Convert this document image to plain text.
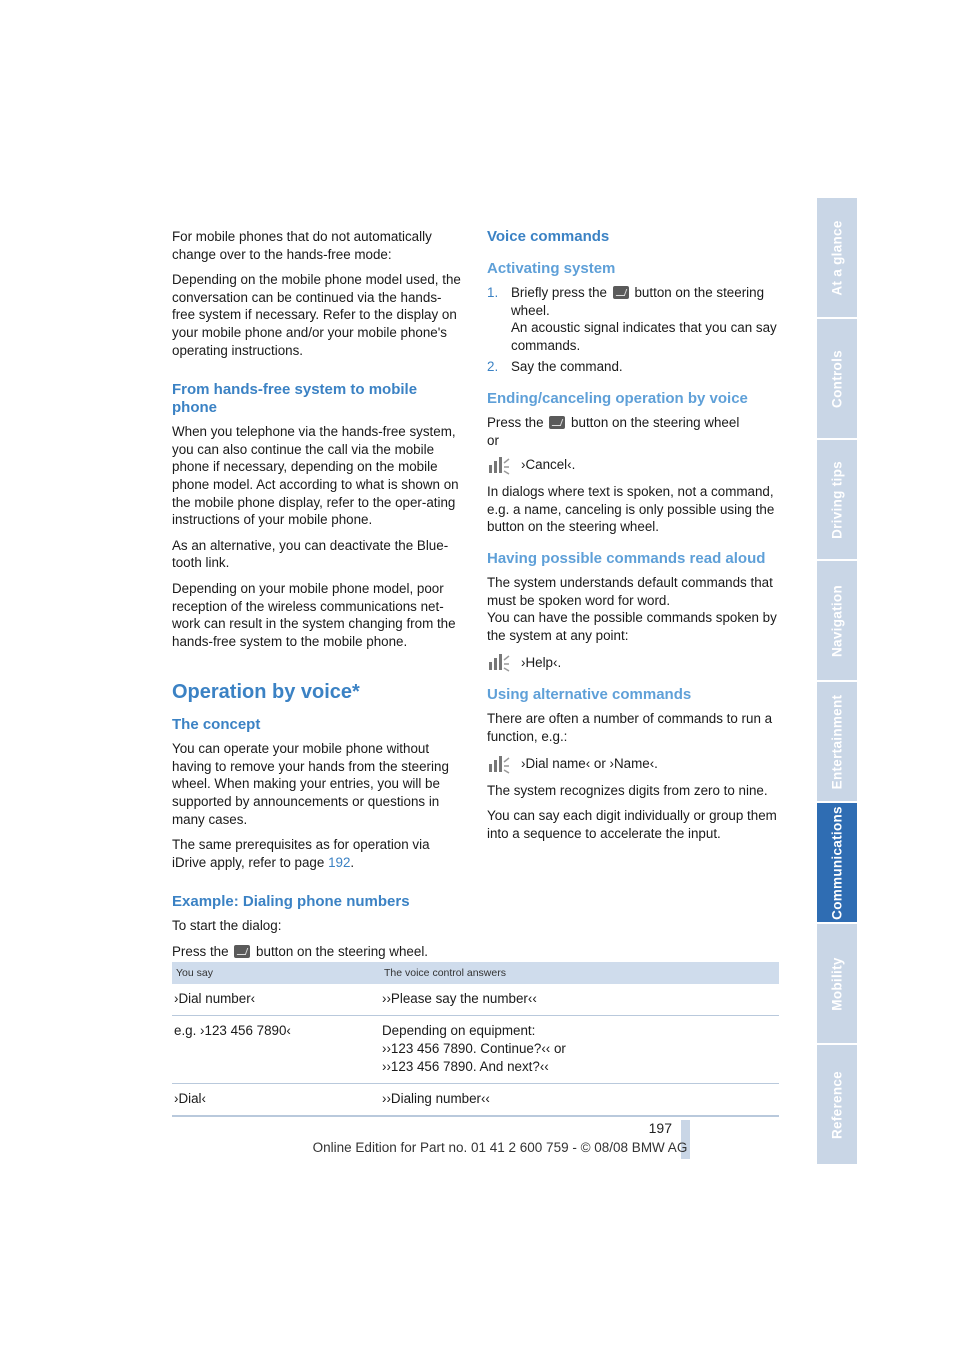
For mobile phones that do not automatically change over to the hands-free mode:

Depending on the mobile phone model used, the conversation can be continued via the hands-free system if necessary. Refer to the display on your mobile phone and/or your mobile phone's operating instructions.

From hands-free system to mobile phone

When you telephone via the hands-free system, you can also continue the call via the mobile phone if necessary, depending on the mobile phone model. Act according to what is shown on the mobile phone display, refer to the oper-ating instructions of your mobile phone.

As an alternative, you can deactivate the Blue-tooth link.

Depending on your mobile phone model, poor reception of the wireless communications net-work can result in the system changing from the hands-free system to the mobile phone.

Operation by voice*
The concept

You can operate your mobile phone without having to remove your hands from the steering wheel. When making your entries, you will be supported by announcements or questions in many cases.

The same prerequisites as for operation via iDrive apply, refer to page 192.

Example: Dialing phone numbers

To start the dialog:

Press the button on the steering wheel.

Voice commands
Activating system
1. Briefly press the button on the steering wheel.
An acoustic signal indicates that you can say commands.
2. Say the command.
Ending/canceling operation by voice

Press the button on the steering wheel
or

›Cancel‹.

In dialogs where text is spoken, not a command, e.g. a name, canceling is only possible using the button on the steering wheel.

Having possible commands read aloud

The system understands default commands that must be spoken word for word.

You can have the possible commands spoken by the system at any point:

›Help‹.
Using alternative commands

There are often a number of commands to run a function, e.g.:

›Dial name‹ or ›Name‹.

The system recognizes digits from zero to nine.

You can say each digit individually or group them into a sequence to accelerate the input.

You say	The voice control answers
›Dial number‹	››Please say the number‹‹
e.g. ›123 456 7890‹	Depending on equipment:
››123 456 7890. Continue?‹‹ or
››123 456 7890. And next?‹‹

›Dial‹	››Dialing number‹‹
At a glance
Controls
Driving tips
Navigation
Entertainment
Communications
Mobility
Reference
197
Online Edition for Part no. 01 41 2 600 759 - © 08/08 BMW AG
